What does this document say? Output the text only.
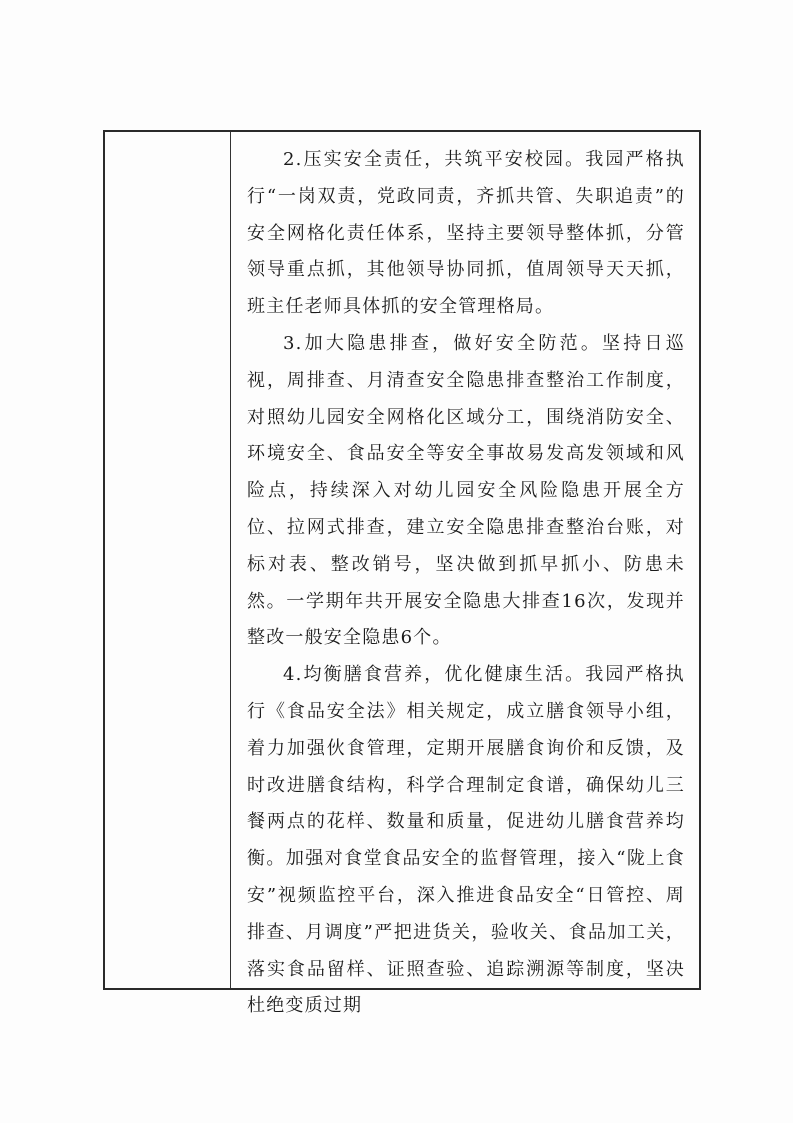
2.压实安全责任，共筑平安校园。我园严格执行“一岗双责，党政同责，齐抓共管、失职追责”的安全网格化责任体系，坚持主要领导整体抓，分管领导重点抓，其他领导协同抓，值周领导天天抓，班主任老师具体抓的安全管理格局。

3.加大隐患排查，做好安全防范。坚持日巡视，周排查、月清查安全隐患排查整治工作制度，对照幼儿园安全网格化区域分工，围绕消防安全、环境安全、食品安全等安全事故易发高发领域和风险点，持续深入对幼儿园安全风险隐患开展全方位、拉网式排查，建立安全隐患排查整治台账，对标对表、整改销号，坚决做到抓早抓小、防患未然。一学期年共开展安全隐患大排查16次，发现并整改一般安全隐患6个。

4.均衡膳食营养，优化健康生活。我园严格执行《食品安全法》相关规定，成立膳食领导小组，着力加强伙食管理，定期开展膳食询价和反馈，及时改进膳食结构，科学合理制定食谱，确保幼儿三餐两点的花样、数量和质量，促进幼儿膳食营养均衡。加强对食堂食品安全的监督管理，接入“陇上食安”视频监控平台，深入推进食品安全“日管控、周排查、月调度”严把进货关，验收关、食品加工关，落实食品留样、证照查验、追踪溯源等制度，坚决杜绝变质过期
